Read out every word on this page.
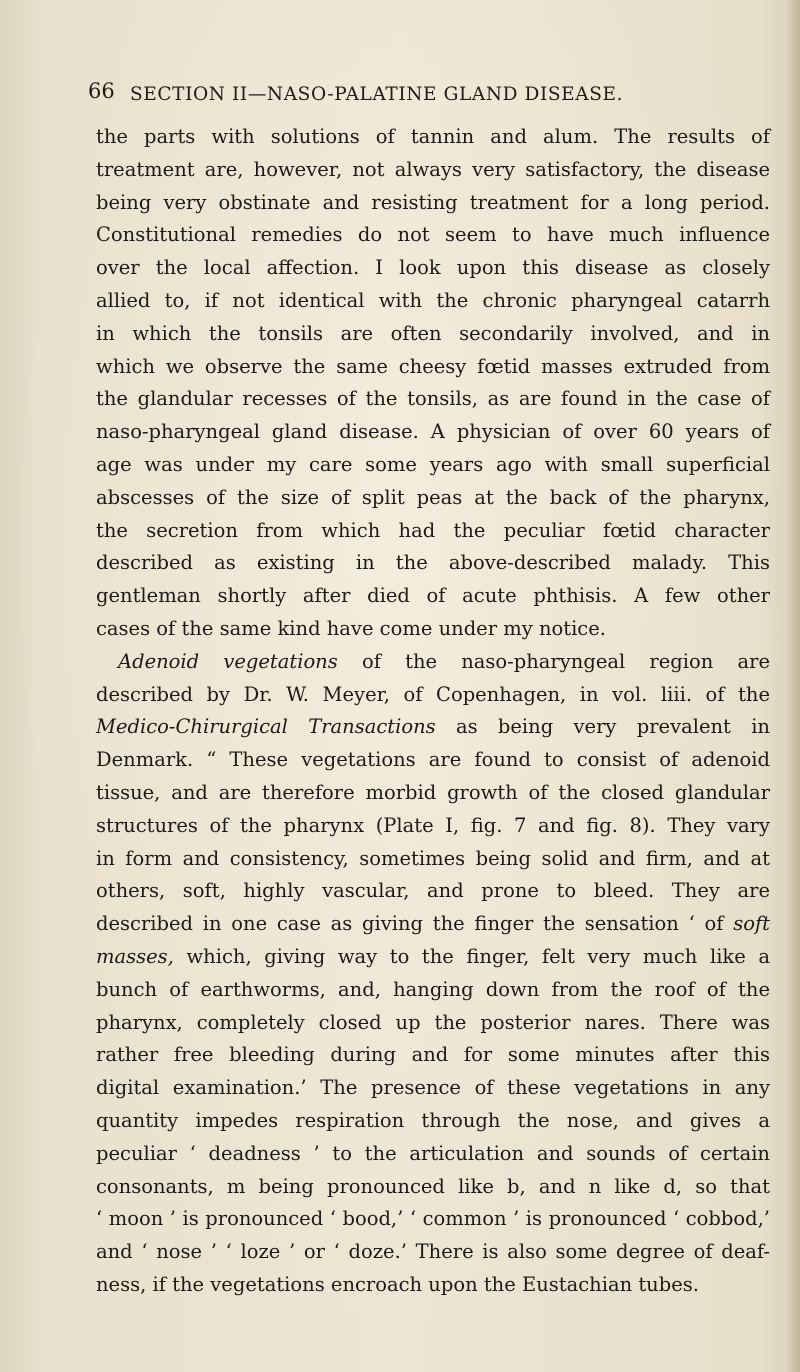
66 SECTION II—NASO-PALATINE GLAND DISEASE.
the parts with solutions of tannin and alum. The results of
treatment are, however, not always very satisfactory, the disease
being very obstinate and resisting treatment for a long period.
Constitutional remedies do not seem to have much influence
over the local affection. I look upon this disease as closely
allied to, if not identical with the chronic pharyngeal catarrh
in which the tonsils are often secondarily involved, and in
which we observe the same cheesy fœtid masses extruded from
the glandular recesses of the tonsils, as are found in the case of
naso-pharyngeal gland disease. A physician of over 60 years of
age was under my care some years ago with small superficial
abscesses of the size of split peas at the back of the pharynx,
the secretion from which had the peculiar fœtid character
described as existing in the above-described malady. This
gentleman shortly after died of acute phthisis. A few other
cases of the same kind have come under my notice.
Adenoid vegetations of the naso-pharyngeal region are
described by Dr. W. Meyer, of Copenhagen, in vol. liii. of the
Medico-Chirurgical Transactions as being very prevalent in
Denmark. “ These vegetations are found to consist of adenoid
tissue, and are therefore morbid growth of the closed glandular
structures of the pharynx (Plate I, fig. 7 and fig. 8). They vary
in form and consistency, sometimes being solid and firm, and at
others, soft, highly vascular, and prone to bleed. They are
described in one case as giving the finger the sensation ‘ of soft
masses, which, giving way to the finger, felt very much like a
bunch of earthworms, and, hanging down from the roof of the
pharynx, completely closed up the posterior nares. There was
rather free bleeding during and for some minutes after this
digital examination.’ The presence of these vegetations in any
quantity impedes respiration through the nose, and gives a
peculiar ‘ deadness ’ to the articulation and sounds of certain
consonants, m being pronounced like b, and n like d, so that
‘ moon ’ is pronounced ‘ bood,’ ‘ common ’ is pronounced ‘ cobbod,’
and ‘ nose ’ ‘ loze ’ or ‘ doze.’ There is also some degree of deaf-
ness, if the vegetations encroach upon the Eustachian tubes.
